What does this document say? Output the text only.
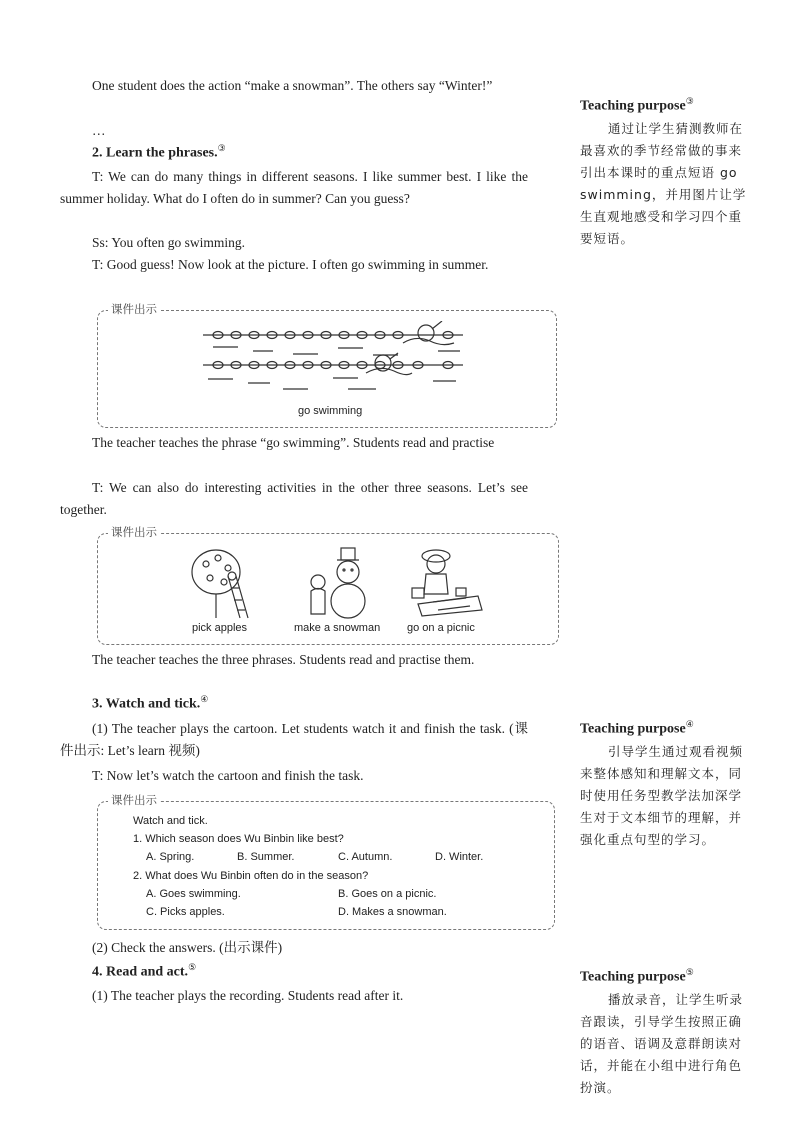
One student does the action “make a snowman”. The others say “Winter!”
…
2. Learn the phrases.③
T: We can do many things in different seasons. I like summer best. I like the summer holiday. What do I often do in summer? Can you guess?
Ss: You often go swimming.
T: Good guess! Now look at the picture. I often go swimming in summer.
课件出示
go swimming
The teacher teaches the phrase “go swimming”. Students read and practise
T: We can also do interesting activities in the other three seasons. Let’s see together.
课件出示
pick apples	make a snowman go on a picnic
The teacher teaches the three phrases. Students read and practise them.
3. Watch and tick.④
(1) The teacher plays the cartoon. Let students watch it and finish the task. (课件出示: Let’s learn 视频)
T: Now let’s watch the cartoon and finish the task.
课件出示
Watch and tick.
1. Which season does Wu Binbin like best?
A. Spring.	B. Summer.	C. Autumn.	D. Winter.
2. What does Wu Binbin often do in the season?
A. Goes swimming.	B. Goes on a picnic.
C. Picks apples.	D. Makes a snowman.
(2) Check the answers. (出示课件)
4. Read and act.⑤
(1) The teacher plays the recording. Students read after it.
Teaching purpose③
通过让学生猜测教师在最喜欢的季节经常做的事来引出本课时的重点短语 go swimming，并用图片让学生直观地感受和学习四个重要短语。
Teaching purpose④
引导学生通过观看视频来整体感知和理解文本，同时使用任务型教学法加深学生对于文本细节的理解，并强化重点句型的学习。
Teaching purpose⑤
播放录音，让学生听录音跟读，引导学生按照正确的语音、语调及意群朗读对话，并能在小组中进行角色扮演。
